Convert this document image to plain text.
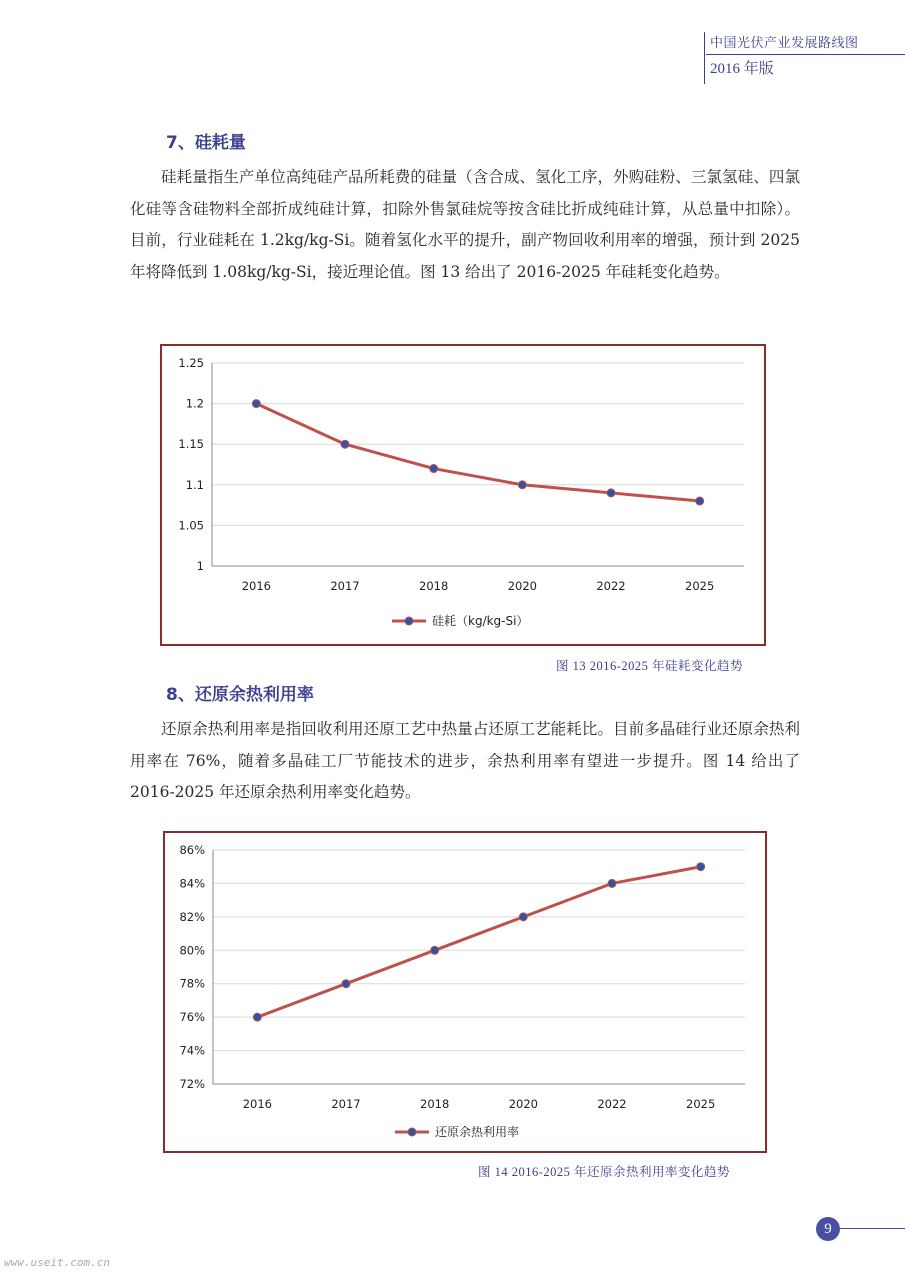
中国光伏产业发展路线图
2016 年版
7、硅耗量

硅耗量指生产单位高纯硅产品所耗费的硅量（含合成、氢化工序，外购硅粉、三氯氢硅、四氯化硅等含硅物料全部折成纯硅计算，扣除外售氯硅烷等按含硅比折成纯硅计算，从总量中扣除）。目前，行业硅耗在 1.2kg/kg-Si。随着氢化水平的提升，副产物回收利用率的增强，预计到 2025 年将降低到 1.08kg/kg-Si，接近理论值。图 13 给出了 2016-2025 年硅耗变化趋势。

1
1.05
1.1
1.15
1.2
1.25
2016	2017	2018	2020	2022	2025
硅耗（kg/kg-Si）
图 13 2016-2025 年硅耗变化趋势
8、还原余热利用率

还原余热利用率是指回收利用还原工艺中热量占还原工艺能耗比。目前多晶硅行业还原余热利用率在 76%，随着多晶硅工厂节能技术的进步，余热利用率有望进一步提升。图 14 给出了 2016-2025 年还原余热利用率变化趋势。

72%
74%
76%
78%
80%
82%
84%
86%
2016	2017	2018	2020	2022	2025
还原余热利用率
图 14 2016-2025 年还原余热利用率变化趋势
9
www.useit.com.cn
